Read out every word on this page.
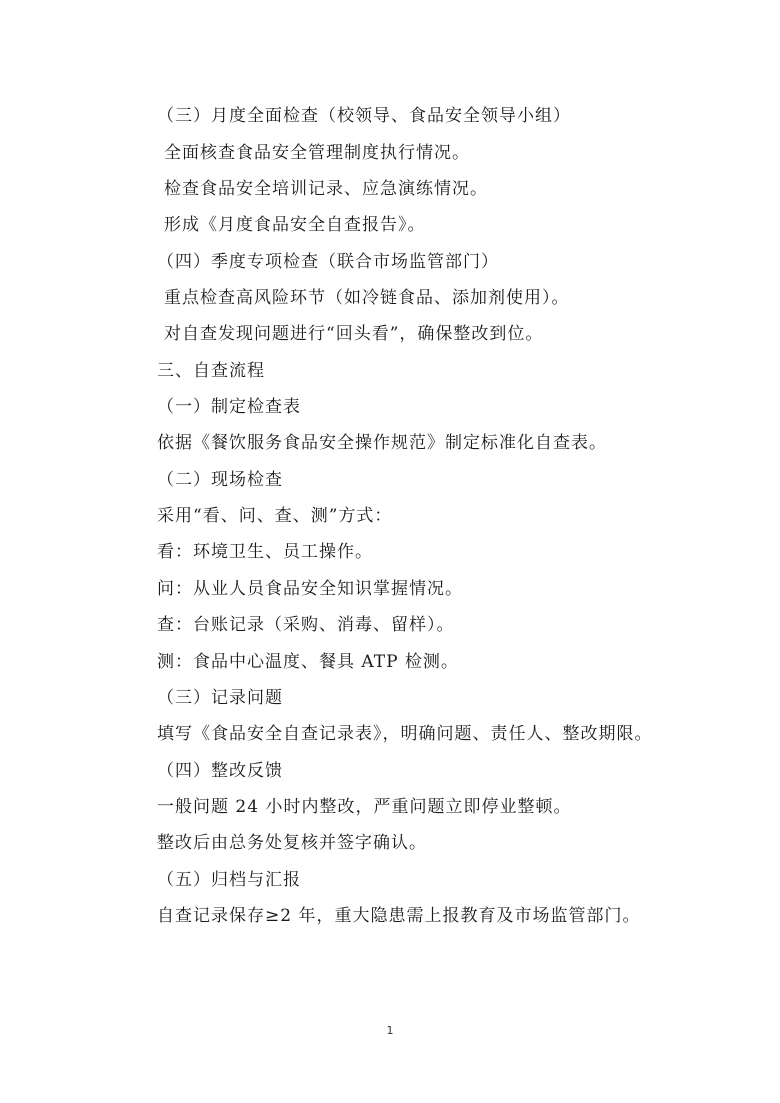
（三）月度全面检查（校领导、食品安全领导小组）
全面核查食品安全管理制度执行情况。
检查食品安全培训记录、应急演练情况。
形成《月度食品安全自查报告》。
（四）季度专项检查（联合市场监管部门）
重点检查高风险环节（如冷链食品、添加剂使用）。
对自查发现问题进行“回头看”，确保整改到位。
三、自查流程
（一）制定检查表
依据《餐饮服务食品安全操作规范》制定标准化自查表。
（二）现场检查
采用“看、问、查、测”方式：
看：环境卫生、员工操作。
问：从业人员食品安全知识掌握情况。
查：台账记录（采购、消毒、留样）。
测：食品中心温度、餐具 ATP 检测。
（三）记录问题
填写《食品安全自查记录表》，明确问题、责任人、整改期限。
（四）整改反馈
一般问题 24 小时内整改，严重问题立即停业整顿。
整改后由总务处复核并签字确认。
（五）归档与汇报
自查记录保存≥2 年，重大隐患需上报教育及市场监管部门。
1
